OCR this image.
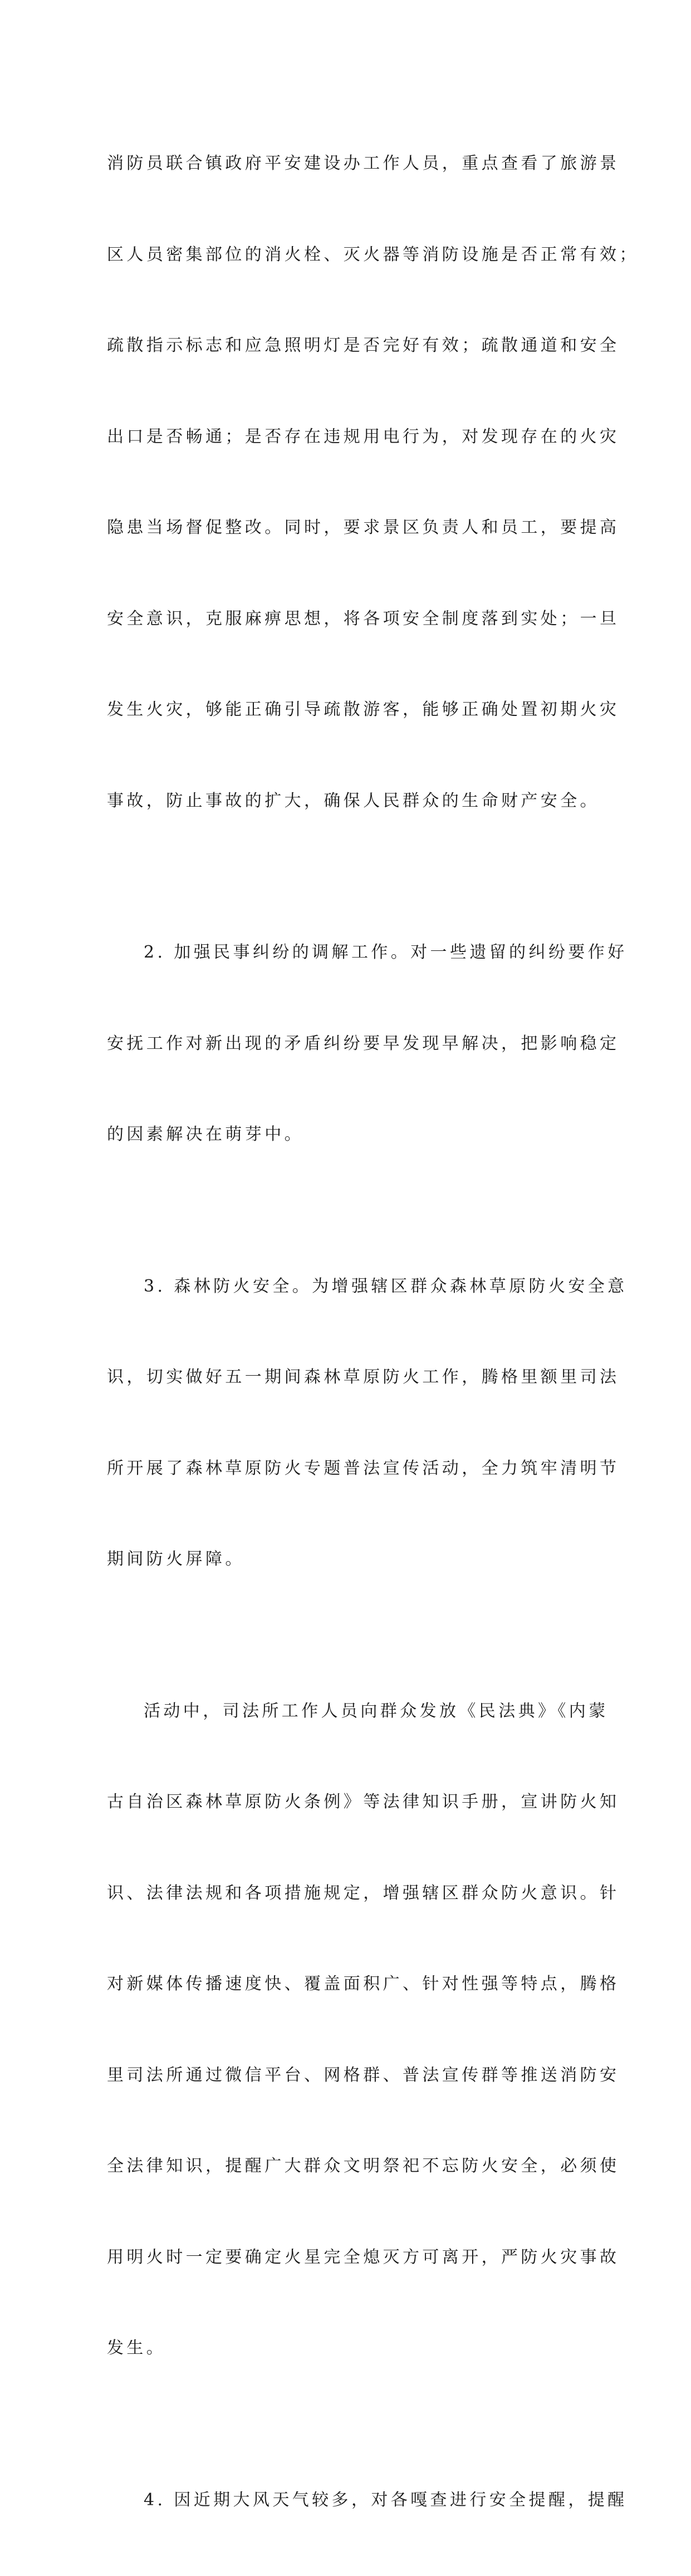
消防员联合镇政府平安建设办工作人员，重点查看了旅游景

区人员密集部位的消火栓、灭火器等消防设施是否正常有效；

疏散指示标志和应急照明灯是否完好有效；疏散通道和安全

出口是否畅通；是否存在违规用电行为，对发现存在的火灾

隐患当场督促整改。同时，要求景区负责人和员工，要提高

安全意识，克服麻痹思想，将各项安全制度落到实处；一旦

发生火灾，够能正确引导疏散游客，能够正确处置初期火灾

事故，防止事故的扩大，确保人民群众的生命财产安全。

2. 加强民事纠纷的调解工作。对一些遗留的纠纷要作好

安抚工作对新出现的矛盾纠纷要早发现早解决，把影响稳定

的因素解决在萌芽中。

3. 森林防火安全。为增强辖区群众森林草原防火安全意

识，切实做好五一期间森林草原防火工作，腾格里额里司法

所开展了森林草原防火专题普法宣传活动，全力筑牢清明节

期间防火屏障。

活动中，司法所工作人员向群众发放《民法典》《内蒙

古自治区森林草原防火条例》等法律知识手册，宣讲防火知

识、法律法规和各项措施规定，增强辖区群众防火意识。针

对新媒体传播速度快、覆盖面积广、针对性强等特点，腾格

里司法所通过微信平台、网格群、普法宣传群等推送消防安

全法律知识，提醒广大群众文明祭祀不忘防火安全，必须使

用明火时一定要确定火星完全熄灭方可离开，严防火灾事故

发生。

4. 因近期大风天气较多，对各嘎查进行安全提醒，提醒
